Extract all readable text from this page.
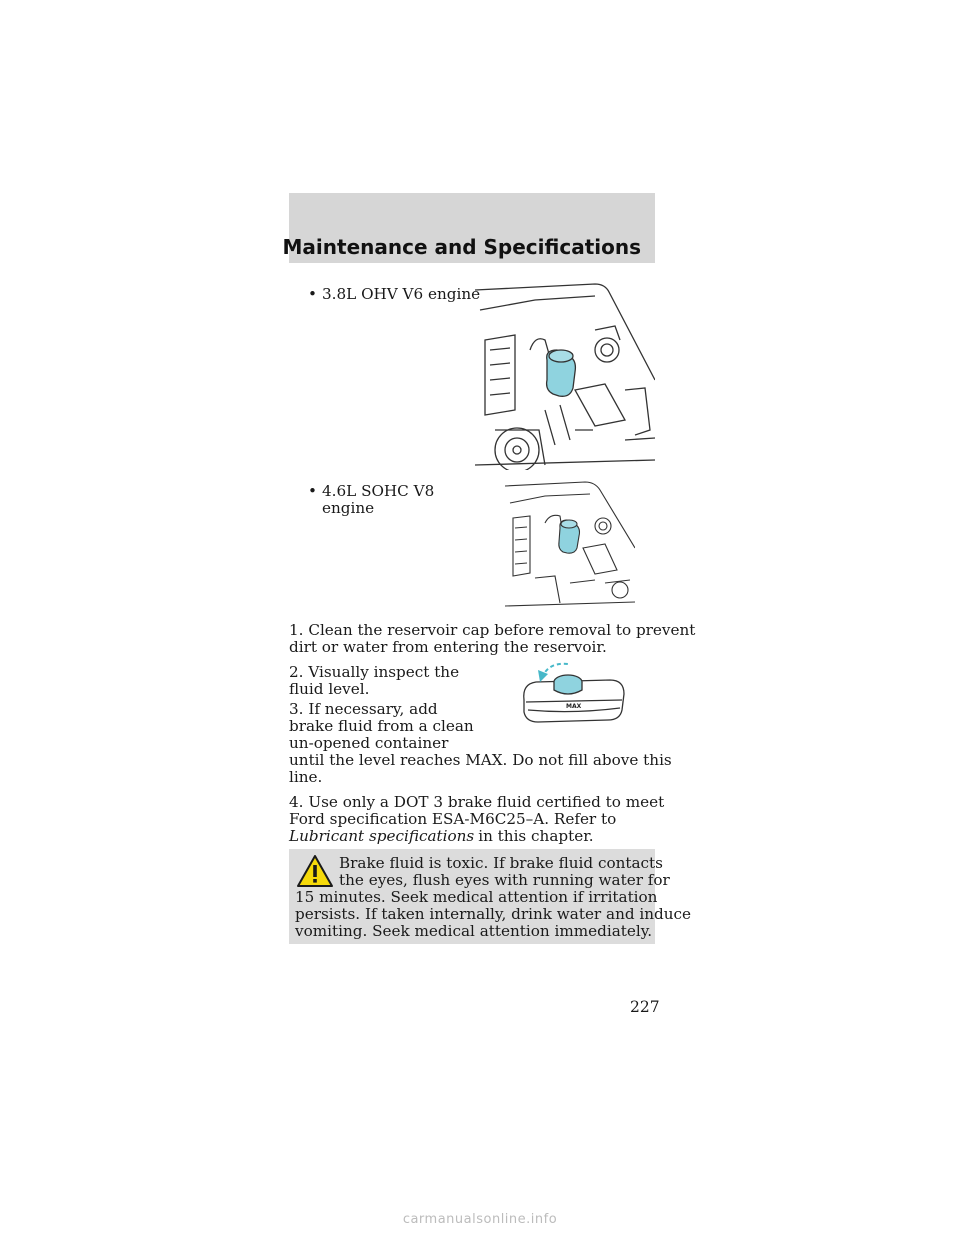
Maintenance and Specifications
• 3.8L OHV V6 engine
• 4.6L SOHC V8
engine
1. Clean the reservoir cap before removal to prevent
dirt or water from entering the reservoir.
2. Visually inspect the
fluid level.
MAX
3. If necessary, add
brake fluid from a clean
un-opened container
until the level reaches MAX. Do not fill above this
line.
4. Use only a DOT 3 brake fluid certified to meet
Ford specification ESA-M6C25–A. Refer to
Lubricant specifications in this chapter.
Brake fluid is toxic. If brake fluid contacts
the eyes, flush eyes with running water for
15 minutes. Seek medical attention if irritation
persists. If taken internally, drink water and induce
vomiting. Seek medical attention immediately.
227
carmanualsonline.info
